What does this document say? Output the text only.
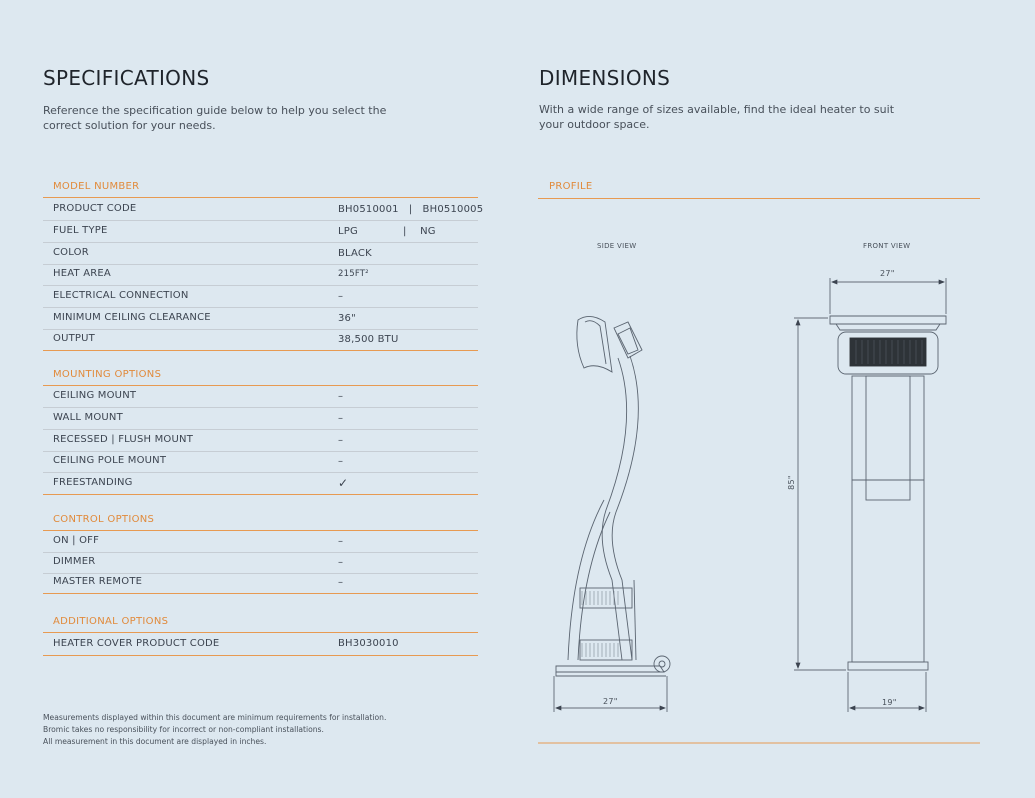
SPECIFICATIONS
Reference the specification guide below to help you select the
correct solution for your needs.
MODEL NUMBER
PRODUCT CODE	BH0510001   |   BH0510005
FUEL TYPE	LPG	|    NG
COLOR	BLACK
HEAT AREA	215FT²
ELECTRICAL CONNECTION	–
MINIMUM CEILING CLEARANCE	36"
OUTPUT	38,500 BTU
MOUNTING OPTIONS
CEILING MOUNT	–
WALL MOUNT	–
RECESSED | FLUSH MOUNT	–
CEILING POLE MOUNT	–
FREESTANDING	✓
CONTROL OPTIONS
ON | OFF	–
DIMMER	–
MASTER REMOTE	–
ADDITIONAL OPTIONS
HEATER COVER PRODUCT CODE	BH3030010
Measurements displayed within this document are minimum requirements for installation.
Bromic takes no responsibility for incorrect or non-compliant installations.
All measurement in this document are displayed in inches.
DIMENSIONS
With a wide range of sizes available, find the ideal heater to suit
your outdoor space.
PROFILE
SIDE VIEW	FRONT VIEW
27"
27"
85"
19"
